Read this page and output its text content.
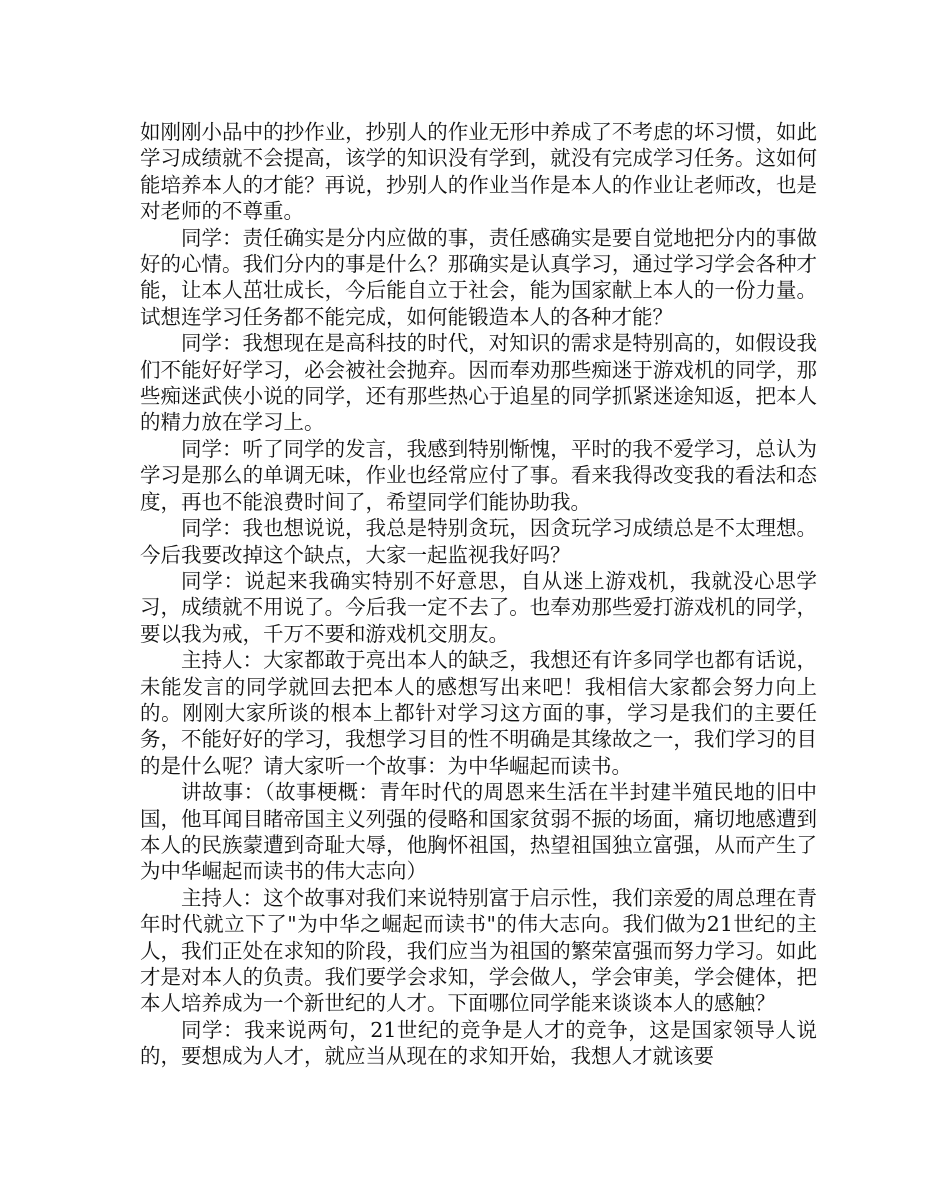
如刚刚小品中的抄作业，抄别人的作业无形中养成了不考虑的坏习惯，如此学习成绩就不会提高，该学的知识没有学到，就没有完成学习任务。这如何能培养本人的才能？再说，抄别人的作业当作是本人的作业让老师改，也是对老师的不尊重。

同学：责任确实是分内应做的事，责任感确实是要自觉地把分内的事做好的心情。我们分内的事是什么？那确实是认真学习，通过学习学会各种才能，让本人茁壮成长，今后能自立于社会，能为国家献上本人的一份力量。试想连学习任务都不能完成，如何能锻造本人的各种才能？

同学：我想现在是高科技的时代，对知识的需求是特别高的，如假设我们不能好好学习，必会被社会抛弃。因而奉劝那些痴迷于游戏机的同学，那些痴迷武侠小说的同学，还有那些热心于追星的同学抓紧迷途知返，把本人的精力放在学习上。

同学：听了同学的发言，我感到特别惭愧，平时的我不爱学习，总认为学习是那么的单调无味，作业也经常应付了事。看来我得改变我的看法和态度，再也不能浪费时间了，希望同学们能协助我。

同学：我也想说说，我总是特别贪玩，因贪玩学习成绩总是不太理想。今后我要改掉这个缺点，大家一起监视我好吗？

同学：说起来我确实特别不好意思，自从迷上游戏机，我就没心思学习，成绩就不用说了。今后我一定不去了。也奉劝那些爱打游戏机的同学，要以我为戒，千万不要和游戏机交朋友。

主持人：大家都敢于亮出本人的缺乏，我想还有许多同学也都有话说，未能发言的同学就回去把本人的感想写出来吧！我相信大家都会努力向上的。刚刚大家所谈的根本上都针对学习这方面的事，学习是我们的主要任务，不能好好的学习，我想学习目的性不明确是其缘故之一，我们学习的目的是什么呢？请大家听一个故事：为中华崛起而读书。

讲故事：（故事梗概：青年时代的周恩来生活在半封建半殖民地的旧中国，他耳闻目睹帝国主义列强的侵略和国家贫弱不振的场面，痛切地感遭到本人的民族蒙遭到奇耻大辱，他胸怀祖国，热望祖国独立富强，从而产生了为中华崛起而读书的伟大志向）

主持人：这个故事对我们来说特别富于启示性，我们亲爱的周总理在青年时代就立下了"为中华之崛起而读书"的伟大志向。我们做为21世纪的主人，我们正处在求知的阶段，我们应当为祖国的繁荣富强而努力学习。如此才是对本人的负责。我们要学会求知，学会做人，学会审美，学会健体，把本人培养成为一个新世纪的人才。下面哪位同学能来谈谈本人的感触？

同学：我来说两句，21世纪的竞争是人才的竞争，这是国家领导人说的，要想成为人才，就应当从现在的求知开始，我想人才就该要
